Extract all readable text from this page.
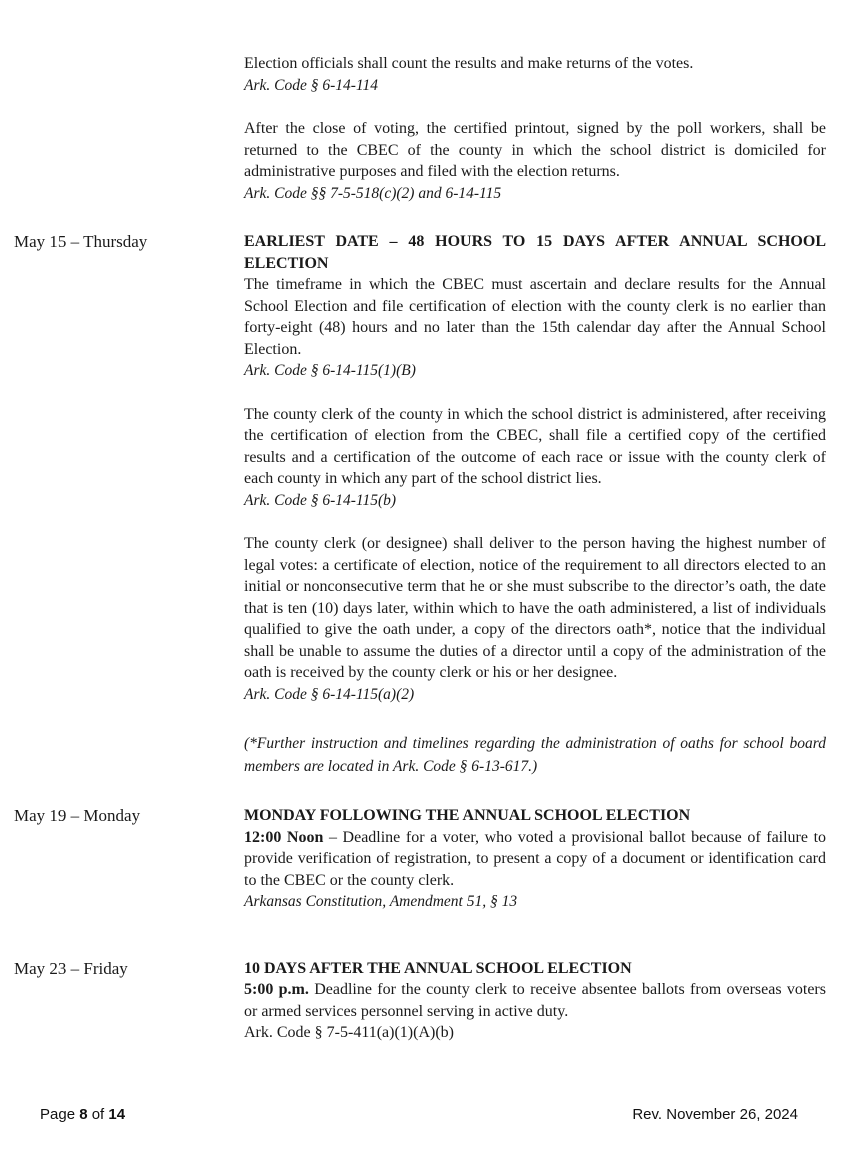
Election officials shall count the results and make returns of the votes.

Ark. Code § 6-14-114

After the close of voting, the certified printout, signed by the poll workers, shall be returned to the CBEC of the county in which the school district is domiciled for administrative purposes and filed with the election returns.

Ark. Code §§ 7-5-518(c)(2) and 6-14-115

May 15 – Thursday	EARLIEST DATE – 48 HOURS TO 15 DAYS AFTER ANNUAL SCHOOL ELECTION

The timeframe in which the CBEC must ascertain and declare results for the Annual School Election and file certification of election with the county clerk is no earlier than forty-eight (48) hours and no later than the 15th calendar day after the Annual School Election.

Ark. Code § 6-14-115(1)(B)

The county clerk of the county in which the school district is administered, after receiving the certification of election from the CBEC, shall file a certified copy of the certified results and a certification of the outcome of each race or issue with the county clerk of each county in which any part of the school district lies.

Ark. Code § 6-14-115(b)

The county clerk (or designee) shall deliver to the person having the highest number of legal votes: a certificate of election, notice of the requirement to all directors elected to an initial or nonconsecutive term that he or she must subscribe to the director’s oath, the date that is ten (10) days later, within which to have the oath administered, a list of individuals qualified to give the oath under, a copy of the directors oath*, notice that the individual shall be unable to assume the duties of a director until a copy of the administration of the oath is received by the county clerk or his or her designee.

Ark. Code § 6-14-115(a)(2)

(*Further instruction and timelines regarding the administration of oaths for school board members are located in Ark. Code § 6-13-617.)

May 19 – Monday	MONDAY FOLLOWING THE ANNUAL SCHOOL ELECTION

12:00 Noon – Deadline for a voter, who voted a provisional ballot because of failure to provide verification of registration, to present a copy of a document or identification card to the CBEC or the county clerk.

Arkansas Constitution, Amendment 51, § 13

May 23 – Friday	10 DAYS AFTER THE ANNUAL SCHOOL ELECTION

5:00 p.m. Deadline for the county clerk to receive absentee ballots from overseas voters or armed services personnel serving in active duty.

Ark. Code § 7-5-411(a)(1)(A)(b)

Page 8 of 14	Rev. November 26, 2024
